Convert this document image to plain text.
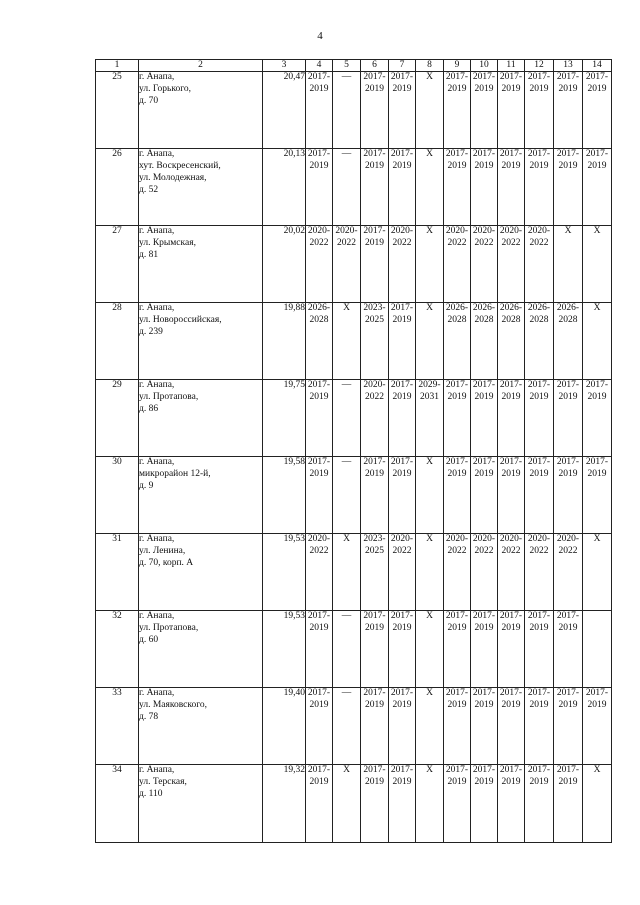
4
1	2	3	4	5	6	7	8	9	10	11	12	13	14
25	г. Анапа,
ул. Горького,
д. 70	20,47	2017-2019	—	2017-2019	2017-2019	X	2017-2019	2017-2019	2017-2019	2017-2019	2017-2019	2017-2019

26	г. Анапа,
хут. Воскресенский,
ул. Молодежная,
д. 52	20,13	2017-2019	—	2017-2019	2017-2019	X	2017-2019	2017-2019	2017-2019	2017-2019	2017-2019	2017-2019

27	г. Анапа,
ул. Крымская,
д. 81	20,02	2020-2022	2020-2022	2017-2019	2020-2022	X	2020-2022	2020-2022	2020-2022	2020-2022	X	X

28	г. Анапа,
ул. Новороссийская,
д. 239	19,88	2026-2028	X	2023-2025	2017-2019	X	2026-2028	2026-2028	2026-2028	2026-2028	2026-2028	X

29	г. Анапа,
ул. Протапова,
д. 86	19,75	2017-2019	—	2020-2022	2017-2019	2029-2031	2017-2019	2017-2019	2017-2019	2017-2019	2017-2019	2017-2019

30	г. Анапа,
микрорайон 12-й,
д. 9	19,58	2017-2019	—	2017-2019	2017-2019	X	2017-2019	2017-2019	2017-2019	2017-2019	2017-2019	2017-2019

31	г. Анапа,
ул. Ленина,
д. 70, корп. А	19,53	2020-2022	X	2023-2025	2020-2022	X	2020-2022	2020-2022	2020-2022	2020-2022	2020-2022	X

32	г. Анапа,
ул. Протапова,
д. 60	19,53	2017-2019	—	2017-2019	2017-2019	X	2017-2019	2017-2019	2017-2019	2017-2019	2017-2019	

33	г. Анапа,
ул. Маяковского,
д. 78	19,40	2017-2019	—	2017-2019	2017-2019	X	2017-2019	2017-2019	2017-2019	2017-2019	2017-2019	2017-2019

34	г. Анапа,
ул. Терская,
д. 110	19,32	2017-2019	X	2017-2019	2017-2019	X	2017-2019	2017-2019	2017-2019	2017-2019	2017-2019	X
